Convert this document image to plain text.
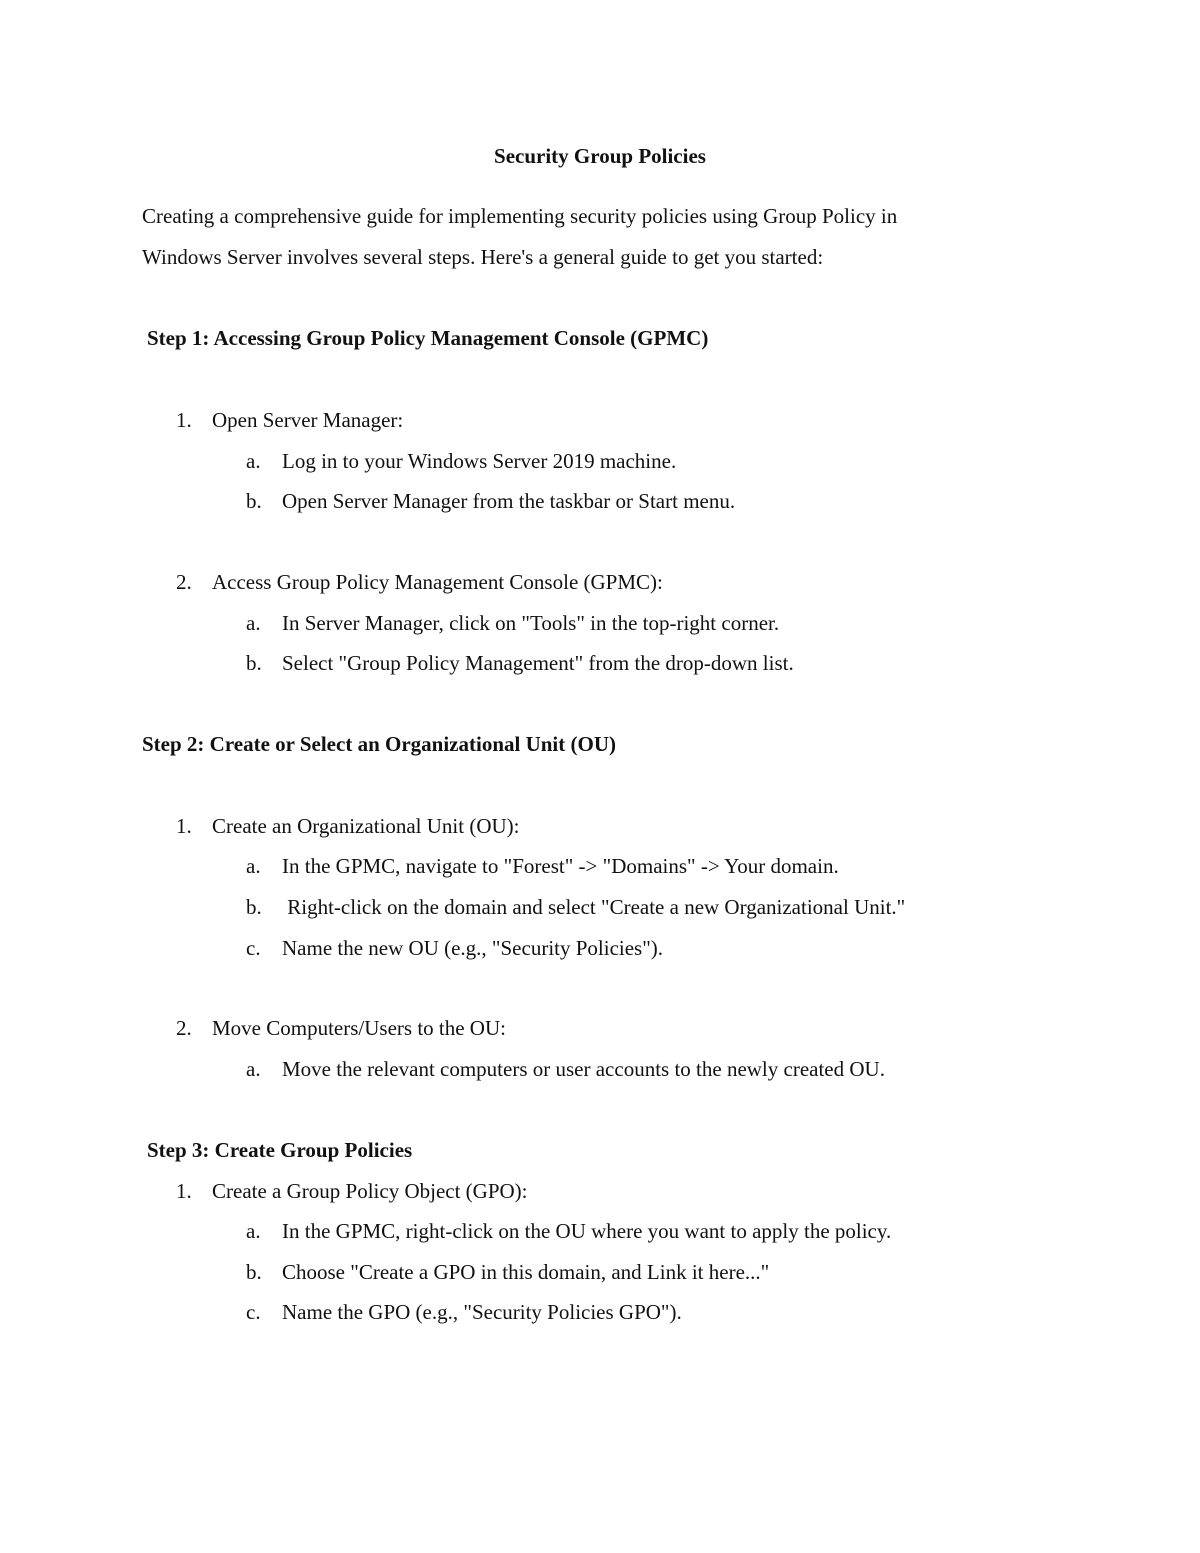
Security Group Policies
Creating a comprehensive guide for implementing security policies using Group Policy in
Windows Server involves several steps. Here's a general guide to get you started:
Step 1: Accessing Group Policy Management Console (GPMC)
1. Open Server Manager:
a. Log in to your Windows Server 2019 machine.
b. Open Server Manager from the taskbar or Start menu.
2. Access Group Policy Management Console (GPMC):
a. In Server Manager, click on "Tools" in the top-right corner.
b. Select "Group Policy Management" from the drop-down list.
Step 2: Create or Select an Organizational Unit (OU)
1. Create an Organizational Unit (OU):
a. In the GPMC, navigate to "Forest" -> "Domains" -> Your domain.
b. Right-click on the domain and select "Create a new Organizational Unit."
c. Name the new OU (e.g., "Security Policies").
2. Move Computers/Users to the OU:
a. Move the relevant computers or user accounts to the newly created OU.
Step 3: Create Group Policies
1. Create a Group Policy Object (GPO):
a. In the GPMC, right-click on the OU where you want to apply the policy.
b. Choose "Create a GPO in this domain, and Link it here..."
c. Name the GPO (e.g., "Security Policies GPO").
